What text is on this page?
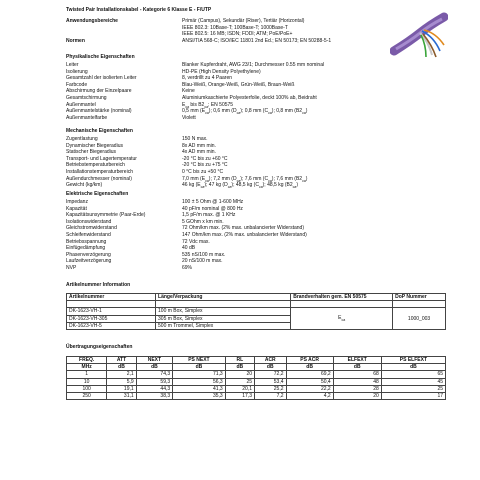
Twisted Pair Installationskabel - Kategorie 6 Klasse E - F/UTP
Anwendungsbereiche	Primär (Campus), Sekundär (Riser), Tertiär (Horizontal)
IEEE 802.3: 10Base-T; 100Base-T; 1000Base-T
IEEE 802.5: 16 MB; ISDN; FDDI; ATM; PoE/PoE+
Normen	ANSI/TIA 568-C; ISO/IEC 11801 2nd Ed.; EN 50173; EN 50288-5-1
Physikalische Eigenschaften
Leiter	Blanker Kupferdraht, AWG 23/1; Durchmesser 0.55 mm nominal
Isolierung	HD-PE (High Density Polyethylene)
Gesamtzahl der isolierten Leiter	8, verdrillt zu 4 Paaren
Farbcode	Blau-Weiß, Orange-Weiß, Grün-Weiß, Braun-Weiß
Abschirmung der Einzelpaare	Keine
Gesamtschirmung	Aluminiumkaschierte Polyesterfolie, deckt 100% ab, Beidraht
Außenmantel	$E_{ca}$ bis $B2_{ca}$; EN 50575
Außenmantelstärke (nominal)	0,5 mm $(E_{ca})$; 0,6 mm $(D_{ca})$; 0,8 mm $(C_{ca})$; 0,8 mm $(B2_{ca})$
Außenmantelfarbe	Violett
Mechanische Eigenschaften
Zugentlastung	150 N max.
Dynamischer Biegeradius	8x AD mm min.
Statischer Biegeradius	4x AD mm min.
Transport- und Lagertemperatur	-20 °C bis zu +60 °C
Betriebstemperaturbereich	-20 °C bis zu +75 °C
Installationstemperaturbereich	0 °C bis zu +50 °C
Außendurchmesser (nominal)	7,0 mm $(E_{ca})$; 7,2 mm $(D_{ca})$; 7,6 mm $(C_{ca})$; 7,6 mm $(B2_{ca})$
Gewicht (kg/km)	46 kg $(E_{ca})$; 47 kg $(D_{ca})$; 48,5 kg $(C_{ca})$; 48,5 kg $(B2_{ca})$
Elektrische Eigenschaften
Impedanz	100 ± 5 Ohm @ 1-600 MHz
Kapazität	40 pF/m nominal @ 800 Hz
Kapazitätsunsymmetrie (Paar-Erde)	1,5 pF/m max. @ 1 KHz
Isolationswiderstand	5 GOhm x km min.
Gleichstromwiderstand	72 Ohm/km max. (2% max. unbalancierter Widerstand)
Schleifenwiderstand	147 Ohm/km max. (2% max. unbalancierter Widerstand)
Betriebsspannung	72 Vdc max.
Einfügedämpfung	40 dB
Phasenverzögerung	535 nS/100 m max.
Laufzeitverzögerung	20 nS/100 m max.
NVP	69%
Artikelnummer Information
Artikelnummer	Länge/Verpackung	Brandverhalten gem. EN 50575	DoP Nummer

DK-1623-VH-1	100 m Box, Simplex	$E_{ca}$	1000_003
DK-1623-VH-305	305 m Box, Simplex		
DK-1623-VH-5	500 m Trommel, Simplex		
Übertragungseigenschaften
FREQ.	ATT	NEXT	PS NEXT	RL	ACR	PS ACR	ELFEXT	PS ELFEXT
MHz	dB	dB	dB	dB	dB	dB	dB	dB
1	2,1	74,3	71,3	20	72,2	69,2	68	65
10	5,9	59,3	56,3	25	53,4	50,4	48	45
100	19,1	44,3	41,3	20,1	25,2	22,2	28	25
250	31,1	38,3	35,3	17,3	7,2	4,2	20	17
